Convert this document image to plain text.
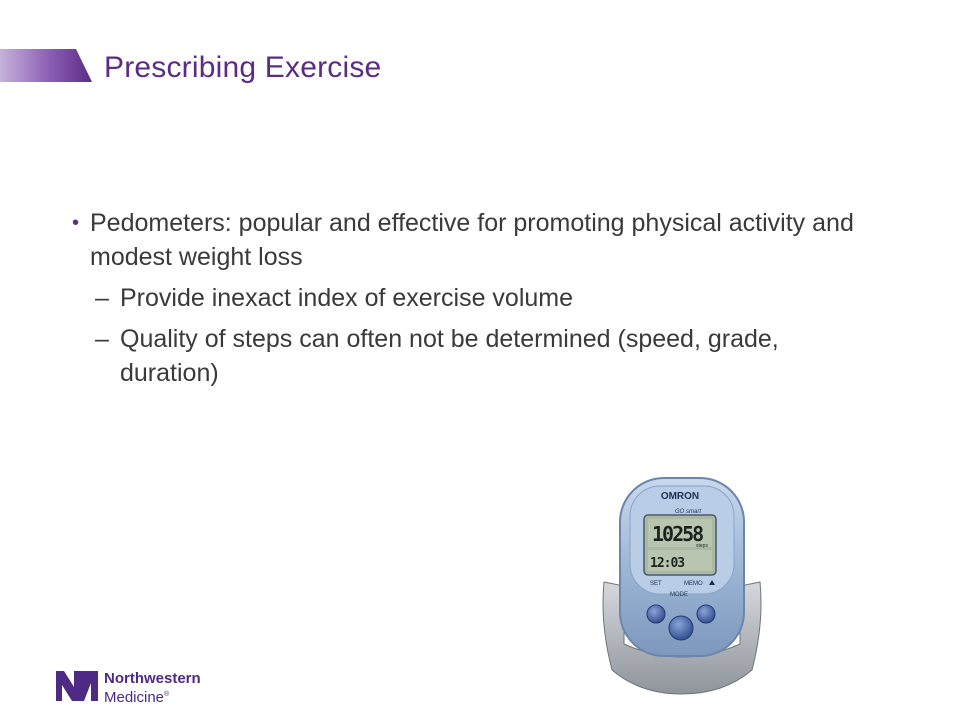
Prescribing Exercise
• Pedometers: popular and effective for promoting physical activity and modest weight loss
– Provide inexact index of exercise volume
– Quality of steps can often not be determined (speed, grade, duration)
OMRON
GO smart
10258
steps
12:03
SET	MEMO
MODE
Northwestern
Medicine®
